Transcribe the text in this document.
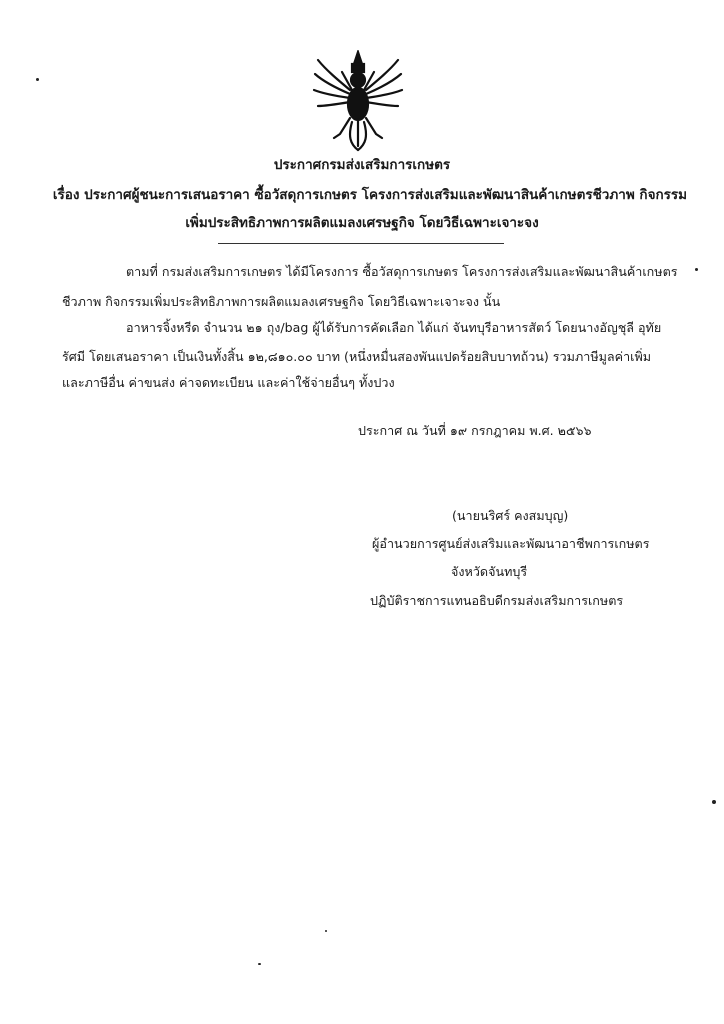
ประกาศกรมส่งเสริมการเกษตร
เรื่อง ประกาศผู้ชนะการเสนอราคา ซื้อวัสดุการเกษตร โครงการส่งเสริมและพัฒนาสินค้าเกษตรชีวภาพ กิจกรรม
เพิ่มประสิทธิภาพการผลิตแมลงเศรษฐกิจ โดยวิธีเฉพาะเจาะจง
ตามที่ กรมส่งเสริมการเกษตร ได้มีโครงการ ซื้อวัสดุการเกษตร โครงการส่งเสริมและพัฒนาสินค้าเกษตร
ชีวภาพ กิจกรรมเพิ่มประสิทธิภาพการผลิตแมลงเศรษฐกิจ โดยวิธีเฉพาะเจาะจง นั้น
อาหารจิ้งหรีด จำนวน ๒๑ ถุง/bag ผู้ได้รับการคัดเลือก ได้แก่ จันทบุรีอาหารสัตว์ โดยนางอัญชุลี อุทัย
รัศมี โดยเสนอราคา เป็นเงินทั้งสิ้น ๑๒,๘๑๐.๐๐ บาท (หนึ่งหมื่นสองพันแปดร้อยสิบบาทถ้วน) รวมภาษีมูลค่าเพิ่ม
และภาษีอื่น ค่าขนส่ง ค่าจดทะเบียน และค่าใช้จ่ายอื่นๆ ทั้งปวง
ประกาศ ณ วันที่ ๑๙ กรกฎาคม พ.ศ. ๒๕๖๖
(นายนริศร์ คงสมบุญ)
ผู้อำนวยการศูนย์ส่งเสริมและพัฒนาอาชีพการเกษตร
จังหวัดจันทบุรี
ปฏิบัติราชการแทนอธิบดีกรมส่งเสริมการเกษตร
